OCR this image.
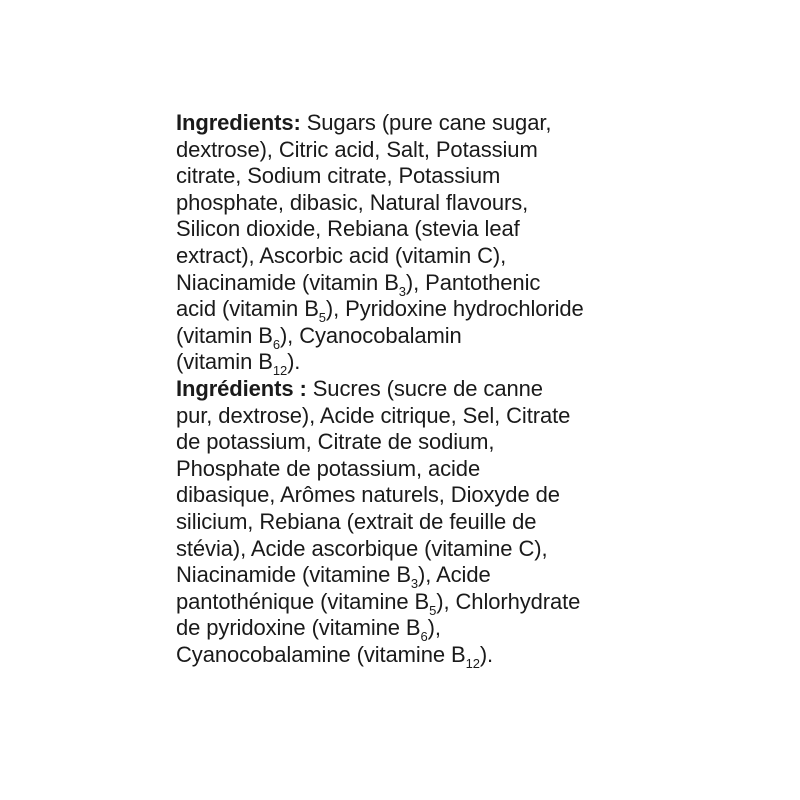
Ingredients: Sugars (pure cane sugar,
dextrose), Citric acid, Salt, Potassium
citrate, Sodium citrate, Potassium
phosphate, dibasic, Natural flavours,
Silicon dioxide, Rebiana (stevia leaf
extract), Ascorbic acid (vitamin C),
Niacinamide (vitamin $B_3$), Pantothenic
acid (vitamin $B_5$), Pyridoxine hydrochloride
(vitamin $B_6$), Cyanocobalamin
(vitamin $B_{12}$).
Ingrédients : Sucres (sucre de canne
pur, dextrose), Acide citrique, Sel, Citrate
de potassium, Citrate de sodium,
Phosphate de potassium, acide
dibasique, Arômes naturels, Dioxyde de
silicium, Rebiana (extrait de feuille de
stévia), Acide ascorbique (vitamine C),
Niacinamide (vitamine $B_3$), Acide
pantothénique (vitamine $B_5$), Chlorhydrate
de pyridoxine (vitamine $B_6$),
Cyanocobalamine (vitamine $B_{12}$).
